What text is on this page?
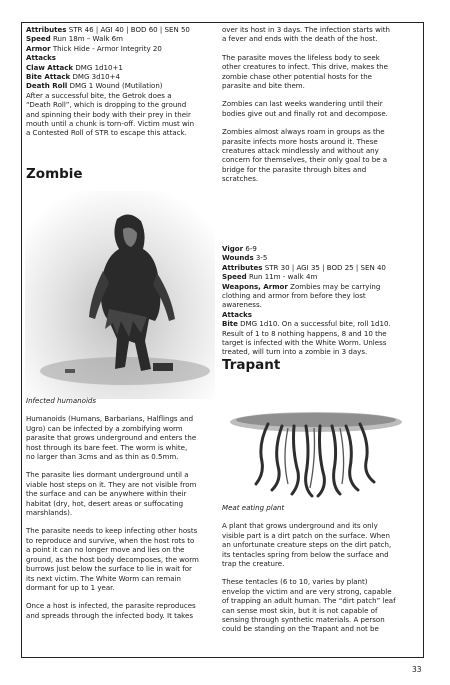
Attributes STR 46 | AGI 40 | BOD 60 | SEN 50
Speed Run 18m – Walk 6m
Armor Thick Hide - Armor Integrity 20
Attacks
Claw Attack DMG 1d10+1
Bite Attack DMG 3d10+4
Death Roll DMG 1 Wound (Mutilation)
After a successful bite, the Getrok does a
“Death Roll”, which is dropping to the ground
and spinning their body with their prey in their
mouth until a chunk is torn-off. Victim must win
a Contested Roll of STR to escape this attack.
Zombie

Infected humanoids

Humanoids (Humans, Barbarians, Halflings and
Ugro) can be infected by a zombifying worm
parasite that grows underground and enters the
host through its bare feet. The worm is white,
no larger than 3cms and as thin as 0.5mm.

The parasite lies dormant underground until a
viable host steps on it. They are not visible from
the surface and can be anywhere within their
habitat (dry, hot, desert areas or suffocating
marshlands).

The parasite needs to keep infecting other hosts
to reproduce and survive, when the host rots to
a point it can no longer move and lies on the
ground, as the host body decomposes, the worm
burrows just below the surface to lie in wait for
its next victim. The White Worm can remain
dormant for up to 1 year.

Once a host is infected, the parasite reproduces
and spreads through the infected body. It takes

over its host in 3 days. The infection starts with
a fever and ends with the death of the host.

The parasite moves the lifeless body to seek
other creatures to infect. This drive, makes the
zombie chase other potential hosts for the
parasite and bite them.

Zombies can last weeks wandering until their
bodies give out and finally rot and decompose.

Zombies almost always roam in groups as the
parasite infects more hosts around it. These
creatures attack mindlessly and without any
concern for themselves, their only goal to be a
bridge for the parasite through bites and
scratches.

Vigor 6-9
Wounds 3-5
Attributes STR 30 | AGI 35 | BOD 25 | SEN 40
Speed Run 11m - walk 4m
Weapons, Armor Zombies may be carrying
clothing and armor from before they lost
awareness.
Attacks
Bite DMG 1d10. On a successful bite, roll 1d10.
Result of 1 to 8 nothing happens, 8 and 10 the
target is infected with the White Worm. Unless
treated, will turn into a zombie in 3 days.
Trapant

Meat eating plant

A plant that grows underground and its only
visible part is a dirt patch on the surface. When
an unfortunate creature steps on the dirt patch,
its tentacles spring from below the surface and
trap the creature.

These tentacles (6 to 10, varies by plant)
envelop the victim and are very strong, capable
of trapping an adult human. The “dirt patch” leaf
can sense most skin, but it is not capable of
sensing through synthetic materials. A person
could be standing on the Trapant and not be

33
